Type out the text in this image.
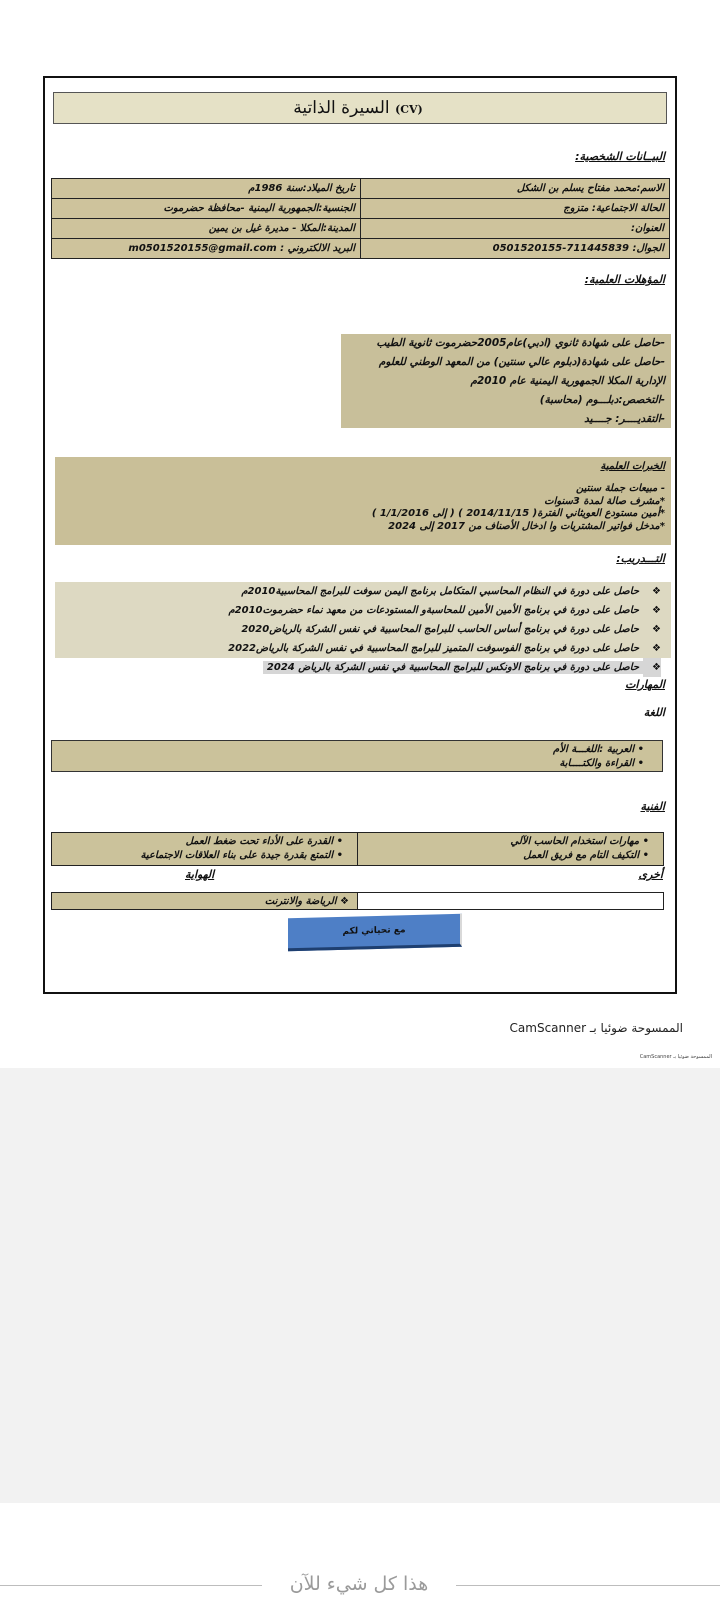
السيرة الذاتية (CV)
البيــانات الشخصية:
الاسم:محمد مفتاح يسلم بن الشكل	تاريخ الميلاد:سنة 1986م
الحالة الاجتماعية: متزوج	الجنسية:الجمهورية اليمنية -محافظة حضرموت
العنوان:	المدينة:المكلا - مديرة غيل بن يمين
الجوال: 711445839-0501520155	البريد الالكتروني : m0501520155@gmail.com
المؤهلات العلمية:
-حاصل على شهادة ثانوي (ادبي)عام2005حضرموت ثانوية الطيب
-حاصل على شهادة(دبلوم عالي سنتين) من المعهد الوطني للعلوم
الإدارية المكلا الجمهورية اليمنية عام 2010م
-التخصص:دبلـــوم (محاسبة)
-التقديــــر: جــــيد
الخبرات العلمية
- مبيعات جملة سنتين
*مشرف صالة لمدة 3سنوات
*أمين مستودع العويثاني الفترة( 2014/11/15 ) ( إلى 1/1/2016 )
*مدخل فواتير المشتريات وا ادخال الأصناف من 2017 إلى 2024
التـــدريب:
❖حاصل على دورة في النظام المحاسبي المتكامل برنامج اليمن سوفت للبرامج المحاسبية2010م
❖حاصل على دورة في برنامج الأمين الأمين للمحاسبةو المستودعات من معهد نماء حضرموت2010م
❖حاصل على دورة في برنامج أساس الحاسب للبرامج المحاسبية في نفس الشركة بالرياض2020
❖حاصل على دورة في برنامج الفوسوفت المتميز للبرامج المحاسبية في نفس الشركة بالرياض2022
❖حاصل على دورة في برنامج الاونكس للبرامج المحاسبية في نفس الشركة بالرياض 2024
المهارات
اللغة
• العربية :اللغـــة الأم
• القراءة والكتــــابة
الفنية
• مهارات استخدام الحاسب الآلي
• التكيف التام مع فريق العمل

• القدرة على الأداء تحت ضغط العمل
• التمتع بقدرة جيدة على بناء العلاقات الاجتماعية
أخرى
الهواية
	❖ الرياضة والانترنت
مع تحياتي لكم
الممسوحة ضوئيا بـ CamScanner
الممسوحة ضوئيا بـ CamScanner
هذا كل شيء للآن
